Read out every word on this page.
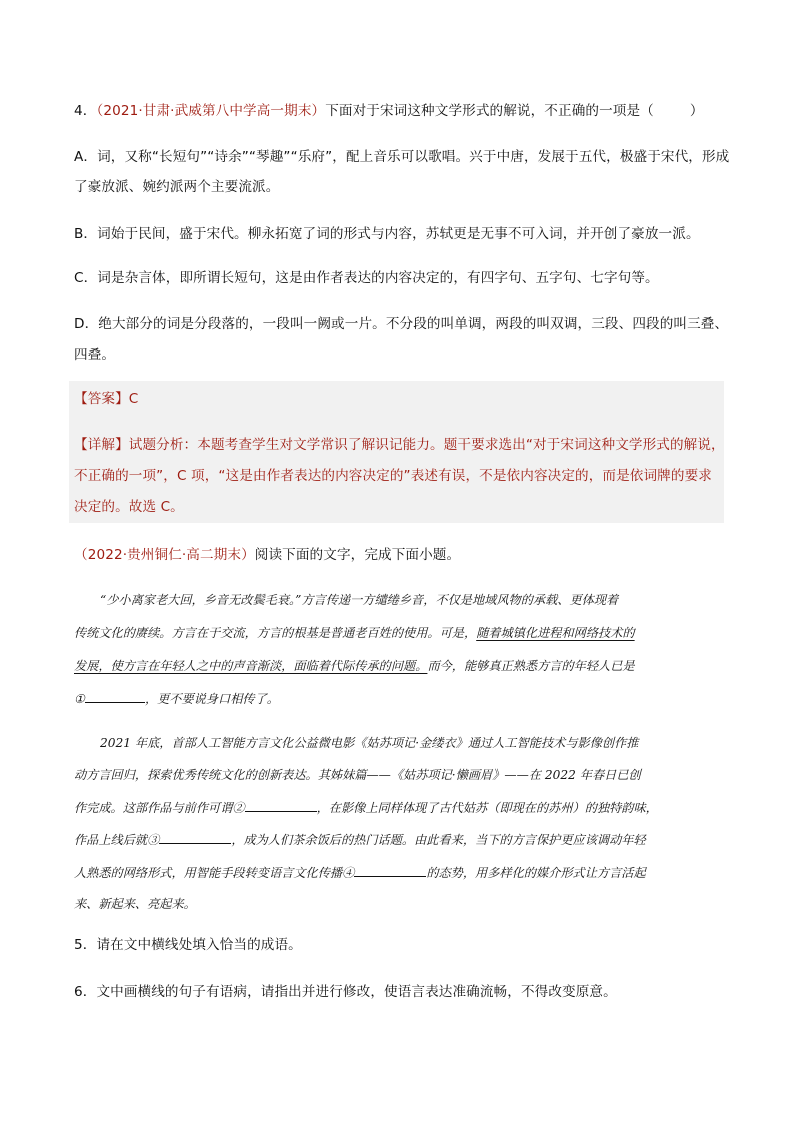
4．（2021·甘肃·武威第八中学高一期末）下面对于宋词这种文学形式的解说，不正确的一项是（	）
A．词，又称“长短句”“诗余”“琴趣”“乐府”，配上音乐可以歌唱。兴于中唐，发展于五代，极盛于宋代，形成
了豪放派、婉约派两个主要流派。
B．词始于民间，盛于宋代。柳永拓宽了词的形式与内容，苏轼更是无事不可入词，并开创了豪放一派。
C．词是杂言体，即所谓长短句，这是由作者表达的内容决定的，有四字句、五字句、七字句等。
D．绝大部分的词是分段落的，一段叫一阙或一片。不分段的叫单调，两段的叫双调，三段、四段的叫三叠、
四叠。
【答案】C
【详解】试题分析：本题考查学生对文学常识了解识记能力。题干要求选出“对于宋词这种文学形式的解说，
不正确的一项”，C 项，“这是由作者表达的内容决定的”表述有误，不是依内容决定的，而是依词牌的要求
决定的。故选 C。
（2022·贵州铜仁·高二期末）阅读下面的文字，完成下面小题。
“少小离家老大回，乡音无改鬓毛衰。”方言传递一方缱绻乡音，不仅是地域风物的承载、更体现着
传统文化的赓续。方言在于交流，方言的根基是普通老百姓的使用。可是，随着城镇化进程和网络技术的
发展，使方言在年轻人之中的声音渐淡，面临着代际传承的问题。而今，能够真正熟悉方言的年轻人已是
①	，更不要说身口相传了。
2021 年底，首部人工智能方言文化公益微电影《姑苏项记·金缕衣》通过人工智能技术与影像创作推
动方言回归，探索优秀传统文化的创新表达。其姊妹篇——《姑苏项记·懒画眉》——在 2022 年春日已创
作完成。这部作品与前作可谓②	，在影像上同样体现了古代姑苏（即现在的苏州）的独特韵味，
作品上线后就③	，成为人们茶余饭后的热门话题。由此看来，当下的方言保护更应该调动年轻
人熟悉的网络形式，用智能手段转变语言文化传播④	的态势，用多样化的媒介形式让方言活起
来、新起来、亮起来。
5．请在文中横线处填入恰当的成语。
6．文中画横线的句子有语病，请指出并进行修改，使语言表达准确流畅，不得改变原意。
